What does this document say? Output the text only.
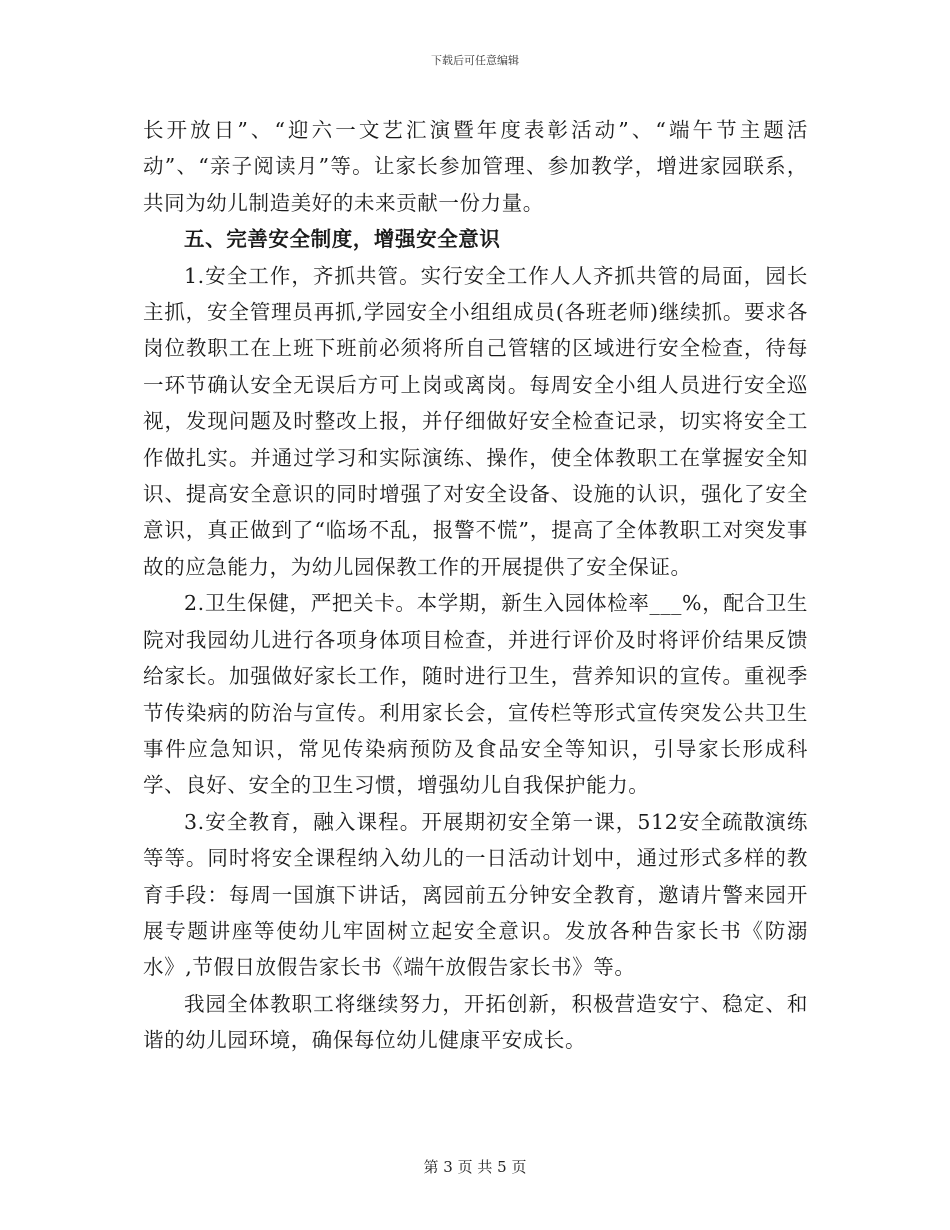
下载后可任意编辑

长开放日”、“迎六一文艺汇演暨年度表彰活动”、“端午节主题活动”、“亲子阅读月”等。让家长参加管理、参加教学，增进家园联系，共同为幼儿制造美好的未来贡献一份力量。

五、完善安全制度，增强安全意识

1.安全工作，齐抓共管。实行安全工作人人齐抓共管的局面，园长主抓，安全管理员再抓,学园安全小组组成员(各班老师)继续抓。要求各岗位教职工在上班下班前必须将所自己管辖的区域进行安全检查，待每一环节确认安全无误后方可上岗或离岗。每周安全小组人员进行安全巡视，发现问题及时整改上报，并仔细做好安全检查记录，切实将安全工作做扎实。并通过学习和实际演练、操作，使全体教职工在掌握安全知识、提高安全意识的同时增强了对安全设备、设施的认识，强化了安全意识，真正做到了“临场不乱，报警不慌”，提高了全体教职工对突发事故的应急能力，为幼儿园保教工作的开展提供了安全保证。

2.卫生保健，严把关卡。本学期，新生入园体检率___%，配合卫生院对我园幼儿进行各项身体项目检查，并进行评价及时将评价结果反馈给家长。加强做好家长工作，随时进行卫生，营养知识的宣传。重视季节传染病的防治与宣传。利用家长会，宣传栏等形式宣传突发公共卫生事件应急知识，常见传染病预防及食品安全等知识，引导家长形成科学、良好、安全的卫生习惯，增强幼儿自我保护能力。

3.安全教育，融入课程。开展期初安全第一课，512安全疏散演练等等。同时将安全课程纳入幼儿的一日活动计划中，通过形式多样的教育手段：每周一国旗下讲话，离园前五分钟安全教育，邀请片警来园开展专题讲座等使幼儿牢固树立起安全意识。发放各种告家长书《防溺水》,节假日放假告家长书《端午放假告家长书》等。

我园全体教职工将继续努力，开拓创新，积极营造安宁、稳定、和谐的幼儿园环境，确保每位幼儿健康平安成长。

第 3 页 共 5 页
